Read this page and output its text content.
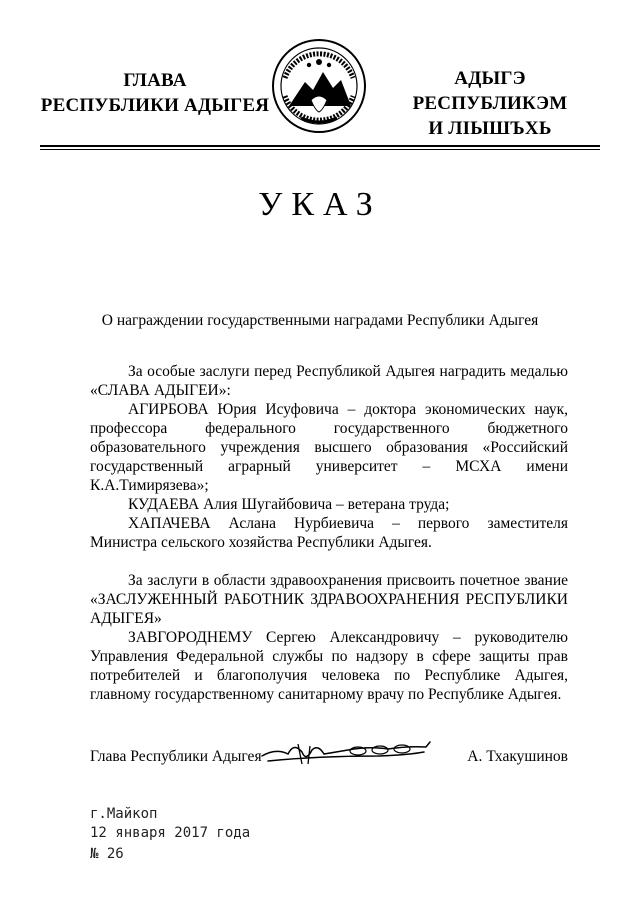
ГЛАВА
РЕСПУБЛИКИ АДЫГЕЯ
АДЫГЭ РЕСПУБЛИКЭМ
И ЛІЫШЪХЬ
УКАЗ
О награждении государственными наградами Республики Адыгея

За особые заслуги перед Республикой Адыгея наградить медалью «СЛАВА АДЫГЕИ»:

АГИРБОВА Юрия Исуфовича – доктора экономических наук, профессора федерального государственного бюджетного образовательного учреждения высшего образования «Российский государственный аграрный университет – МСХА имени К.А.Тимирязева»;

КУДАЕВА Алия Шугайбовича – ветерана труда;

ХАПАЧЕВА Аслана Нурбиевича – первого заместителя Министра сельского хозяйства Республики Адыгея.

За заслуги в области здравоохранения присвоить почетное звание «ЗАСЛУЖЕННЫЙ РАБОТНИК ЗДРАВООХРАНЕНИЯ РЕСПУБЛИКИ АДЫГЕЯ»

ЗАВГОРОДНЕМУ Сергею Александровичу – руководителю Управления Федеральной службы по надзору в сфере защиты прав потребителей и благополучия человека по Республике Адыгея, главному государственному санитарному врачу по Республике Адыгея.

Глава Республики Адыгея	А. Тхакушинов
г.Майкоп
12 января 2017 года
№ 26
